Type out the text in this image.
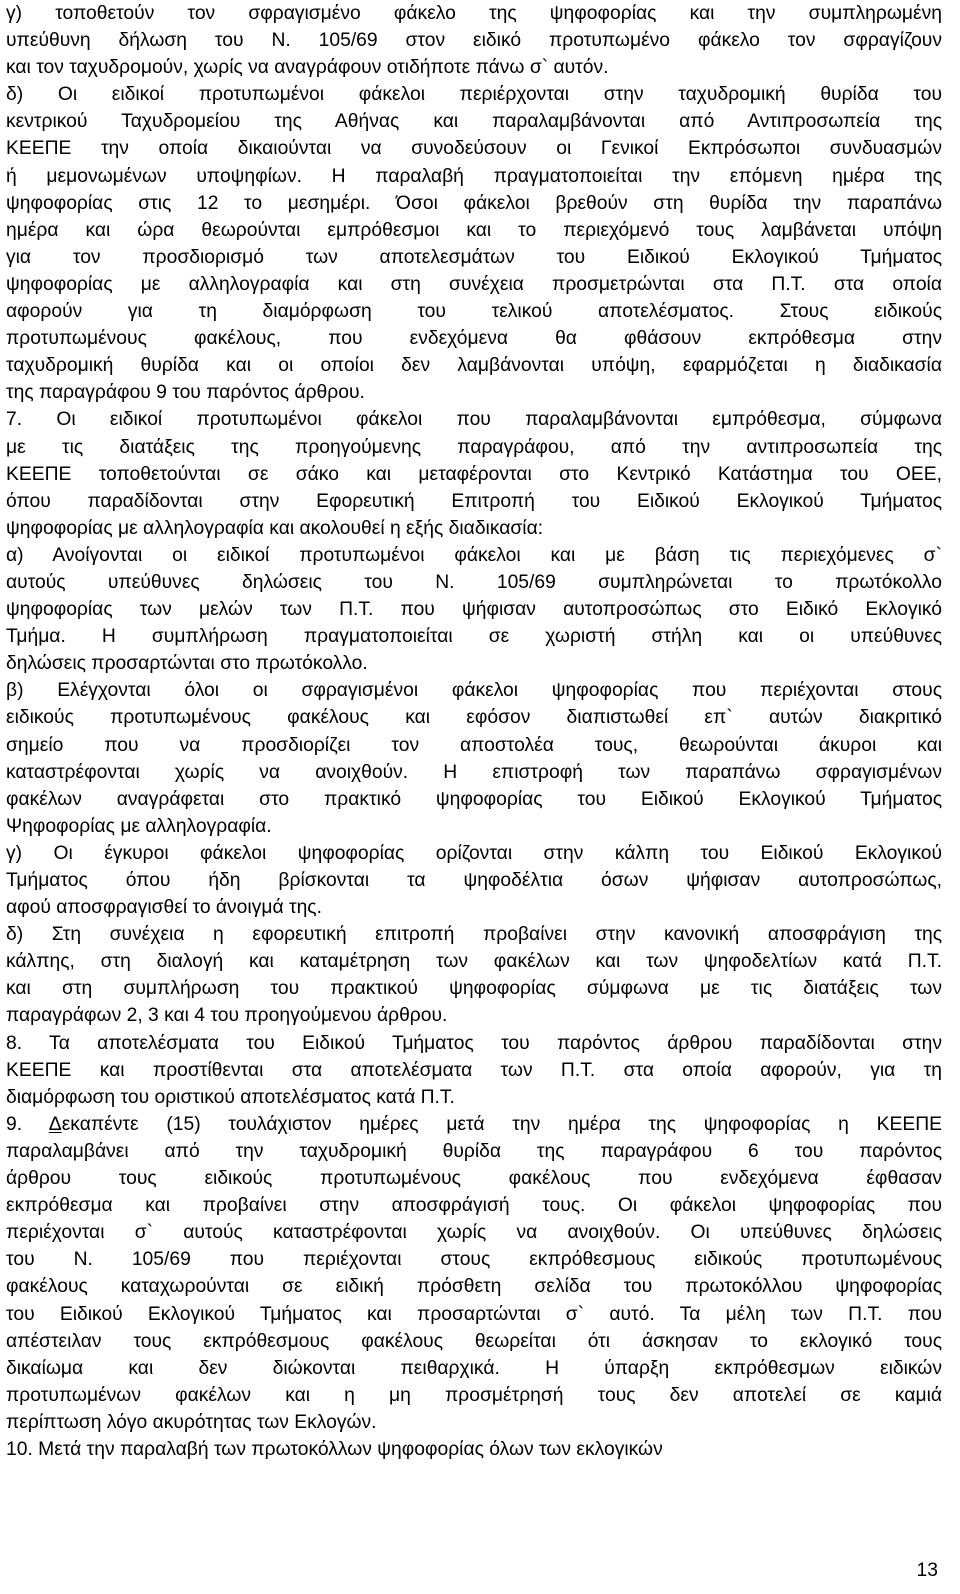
γ) τοποθετούν τον σφραγισμένο φάκελο της ψηφοφορίας και την συμπληρωμένη
υπεύθυνη δήλωση του Ν. 105/69 στον ειδικό προτυπωμένο φάκελο τον σφραγίζουν
και τον ταχυδρομούν, χωρίς να αναγράφουν οτιδήποτε πάνω σ` αυτόν.
δ) Οι ειδικοί προτυπωμένοι φάκελοι περιέρχονται στην ταχυδρομική θυρίδα του
κεντρικού Ταχυδρομείου της Αθήνας και παραλαμβάνονται από Αντιπροσωπεία της
ΚΕΕΠΕ την οποία δικαιούνται να συνοδεύσουν οι Γενικοί Εκπρόσωποι συνδυασμών
ή μεμονωμένων υποψηφίων. Η παραλαβή πραγματοποιείται την επόμενη ημέρα της
ψηφοφορίας στις 12 το μεσημέρι. Όσοι φάκελοι βρεθούν στη θυρίδα την παραπάνω
ημέρα και ώρα θεωρούνται εμπρόθεσμοι και το περιεχόμενό τους λαμβάνεται υπόψη
για τον προσδιορισμό των αποτελεσμάτων του Ειδικού Εκλογικού Τμήματος
ψηφοφορίας με αλληλογραφία και στη συνέχεια προσμετρώνται στα Π.Τ. στα οποία
αφορούν για τη διαμόρφωση του τελικού αποτελέσματος. Στους ειδικούς
προτυπωμένους φακέλους, που ενδεχόμενα θα φθάσουν εκπρόθεσμα στην
ταχυδρομική θυρίδα και οι οποίοι δεν λαμβάνονται υπόψη, εφαρμόζεται η διαδικασία
της παραγράφου 9 του παρόντος άρθρου.
7. Οι ειδικοί προτυπωμένοι φάκελοι που παραλαμβάνονται εμπρόθεσμα, σύμφωνα
με τις διατάξεις της προηγούμενης παραγράφου, από την αντιπροσωπεία της
ΚΕΕΠΕ τοποθετούνται σε σάκο και μεταφέρονται στο Κεντρικό Κατάστημα του ΟΕΕ,
όπου παραδίδονται στην Εφορευτική Επιτροπή του Ειδικού Εκλογικού Τμήματος
ψηφοφορίας με αλληλογραφία και ακολουθεί η εξής διαδικασία:
α) Ανοίγονται οι ειδικοί προτυπωμένοι φάκελοι και με βάση τις περιεχόμενες σ`
αυτούς υπεύθυνες δηλώσεις του Ν. 105/69 συμπληρώνεται το πρωτόκολλο
ψηφοφορίας των μελών των Π.Τ. που ψήφισαν αυτοπροσώπως στο Ειδικό Εκλογικό
Τμήμα. Η συμπλήρωση πραγματοποιείται σε χωριστή στήλη και οι υπεύθυνες
δηλώσεις προσαρτώνται στο πρωτόκολλο.
β) Ελέγχονται όλοι οι σφραγισμένοι φάκελοι ψηφοφορίας που περιέχονται στους
ειδικούς προτυπωμένους φακέλους και εφόσον διαπιστωθεί επ` αυτών διακριτικό
σημείο που να προσδιορίζει τον αποστολέα τους, θεωρούνται άκυροι και
καταστρέφονται χωρίς να ανοιχθούν. Η επιστροφή των παραπάνω σφραγισμένων
φακέλων αναγράφεται στο πρακτικό ψηφοφορίας του Ειδικού Εκλογικού Τμήματος
Ψηφοφορίας με αλληλογραφία.
γ) Οι έγκυροι φάκελοι ψηφοφορίας ορίζονται στην κάλπη του Ειδικού Εκλογικού
Τμήματος όπου ήδη βρίσκονται τα ψηφοδέλτια όσων ψήφισαν αυτοπροσώπως,
αφού αποσφραγισθεί το άνοιγμά της.
δ) Στη συνέχεια η εφορευτική επιτροπή προβαίνει στην κανονική αποσφράγιση της
κάλπης, στη διαλογή και καταμέτρηση των φακέλων και των ψηφοδελτίων κατά Π.Τ.
και στη συμπλήρωση του πρακτικού ψηφοφορίας σύμφωνα με τις διατάξεις των
παραγράφων 2, 3 και 4 του προηγούμενου άρθρου.
8. Τα αποτελέσματα του Ειδικού Τμήματος του παρόντος άρθρου παραδίδονται στην
ΚΕΕΠΕ και προστίθενται στα αποτελέσματα των Π.Τ. στα οποία αφορούν, για τη
διαμόρφωση του οριστικού αποτελέσματος κατά Π.Τ.
9. Δεκαπέντε (15) τουλάχιστον ημέρες μετά την ημέρα της ψηφοφορίας η ΚΕΕΠΕ
παραλαμβάνει από την ταχυδρομική θυρίδα της παραγράφου 6 του παρόντος
άρθρου τους ειδικούς προτυπωμένους φακέλους που ενδεχόμενα έφθασαν
εκπρόθεσμα και προβαίνει στην αποσφράγισή τους. Οι φάκελοι ψηφοφορίας που
περιέχονται σ` αυτούς καταστρέφονται χωρίς να ανοιχθούν. Οι υπεύθυνες δηλώσεις
του Ν. 105/69 που περιέχονται στους εκπρόθεσμους ειδικούς προτυπωμένους
φακέλους καταχωρούνται σε ειδική πρόσθετη σελίδα του πρωτοκόλλου ψηφοφορίας
του Ειδικού Εκλογικού Τμήματος και προσαρτώνται σ` αυτό. Τα μέλη των Π.Τ. που
απέστειλαν τους εκπρόθεσμους φακέλους θεωρείται ότι άσκησαν το εκλογικό τους
δικαίωμα και δεν διώκονται πειθαρχικά. Η ύπαρξη εκπρόθεσμων ειδικών
προτυπωμένων φακέλων και η μη προσμέτρησή τους δεν αποτελεί σε καμιά
περίπτωση λόγο ακυρότητας των Εκλογών.
10. Μετά την παραλαβή των πρωτοκόλλων ψηφοφορίας όλων των εκλογικών
13
